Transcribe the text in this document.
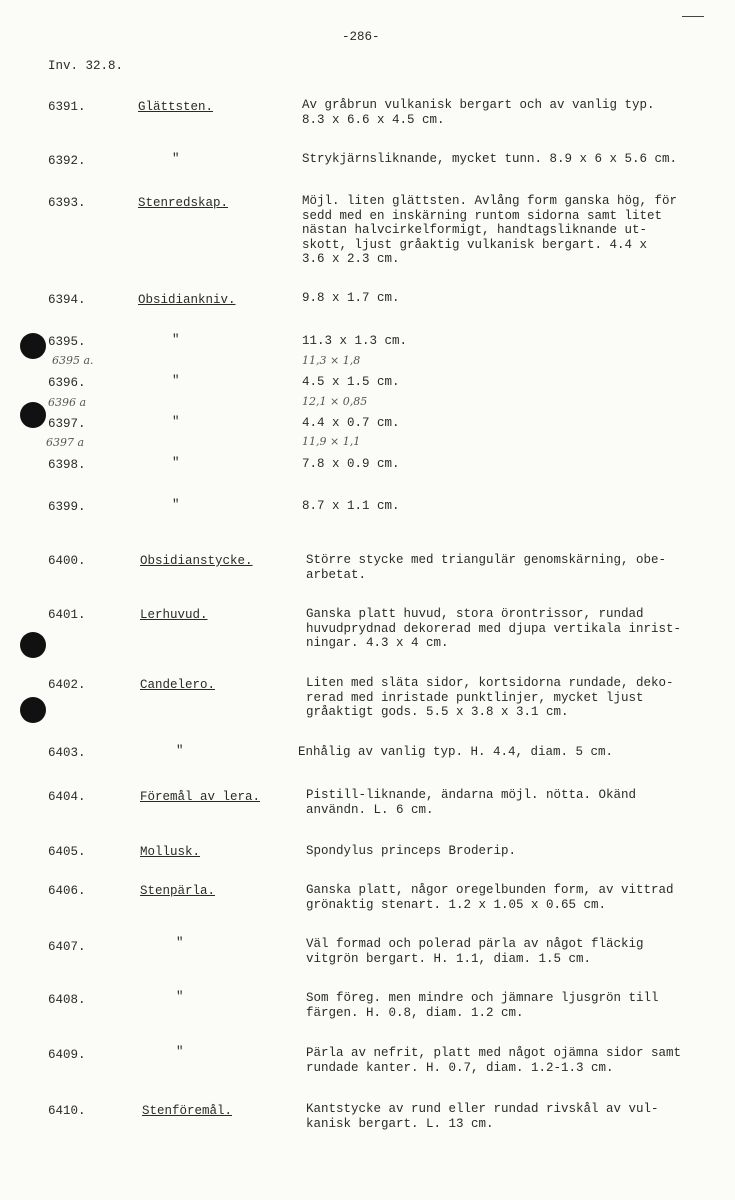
-286-
Inv. 32.8.
6391.	Glättsten.	Av gråbrun vulkanisk bergart och av vanlig typ.
8.3 x 6.6 x 4.5 cm.
6392.	"	Strykjärnsliknande, mycket tunn. 8.9 x 6 x 5.6 cm.
6393.	Stenredskap.	Möjl. liten glättsten. Avlång form ganska hög, för
sedd med en inskärning runtom sidorna samt litet
nästan halvcirkelformigt, handtagsliknande ut-
skott, ljust gråaktig vulkanisk bergart. 4.4 x
3.6 x 2.3 cm.
6394.	Obsidiankniv.	9.8 x 1.7 cm.
6395.	"	11.3 x 1.3 cm.
6395 a.	11,3 × 1,8
6396.	"	4.5 x 1.5 cm.
6396 a	12,1 × 0,85
6397.	"	4.4 x 0.7 cm.
6397 a	11,9 × 1,1
6398.	"	7.8 x 0.9 cm.
6399.	"	8.7 x 1.1 cm.
6400.	Obsidianstycke.	Större stycke med triangulär genomskärning, obe-
arbetat.
6401.	Lerhuvud.	Ganska platt huvud, stora örontrissor, rundad
huvudprydnad dekorerad med djupa vertikala inrist-
ningar. 4.3 x 4 cm.
6402.	Candelero.	Liten med släta sidor, kortsidorna rundade, deko-
rerad med inristade punktlinjer, mycket ljust
gråaktigt gods. 5.5 x 3.8 x 3.1 cm.
6403.	"	Enhålig av vanlig typ. H. 4.4, diam. 5 cm.
6404.	Föremål av lera.	Pistill-liknande, ändarna möjl. nötta. Okänd
användn. L. 6 cm.
6405.	Mollusk.	Spondylus princeps Broderip.
6406.	Stenpärla.	Ganska platt, någor oregelbunden form, av vittrad
grönaktig stenart. 1.2 x 1.05 x 0.65 cm.
6407.	"	Väl formad och polerad pärla av något fläckig
vitgrön bergart. H. 1.1, diam. 1.5 cm.
6408.	"	Som föreg. men mindre och jämnare ljusgrön till
färgen. H. 0.8, diam. 1.2 cm.
6409.	"	Pärla av nefrit, platt med något ojämna sidor samt
rundade kanter. H. 0.7, diam. 1.2-1.3 cm.
6410.	Stenföremål.	Kantstycke av rund eller rundad rivskål av vul-
kanisk bergart. L. 13 cm.
